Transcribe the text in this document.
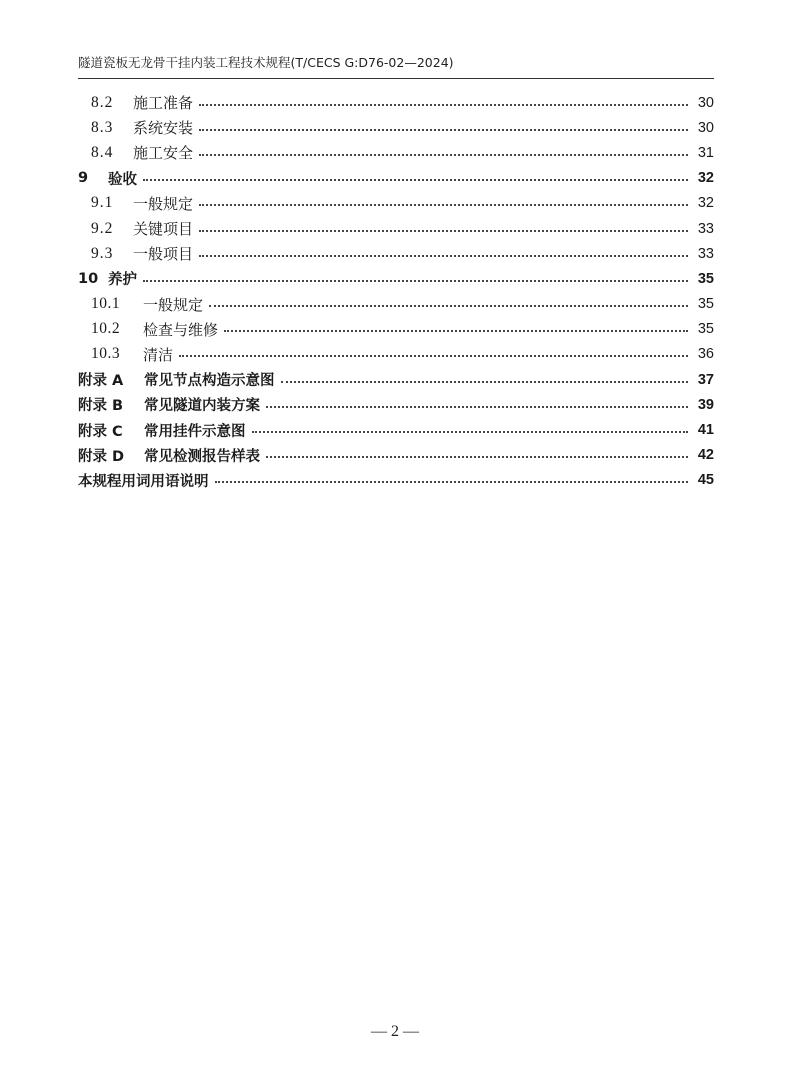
隧道瓷板无龙骨干挂内装工程技术规程(T/CECS G:D76-02—2024)
8.2	施工准备	30
8.3	系统安装	30
8.4	施工安全	31
9	验收	32
9.1	一般规定	32
9.2	关键项目	33
9.3	一般项目	33
10 养护	35
10.1	一般规定	35
10.2	检查与维修	35
10.3	清洁	36
附录 A	常见节点构造示意图	37
附录 B	常见隧道内装方案	39
附录 C	常用挂件示意图	41
附录 D	常见检测报告样表	42
本规程用词用语说明	45
— 2 —
